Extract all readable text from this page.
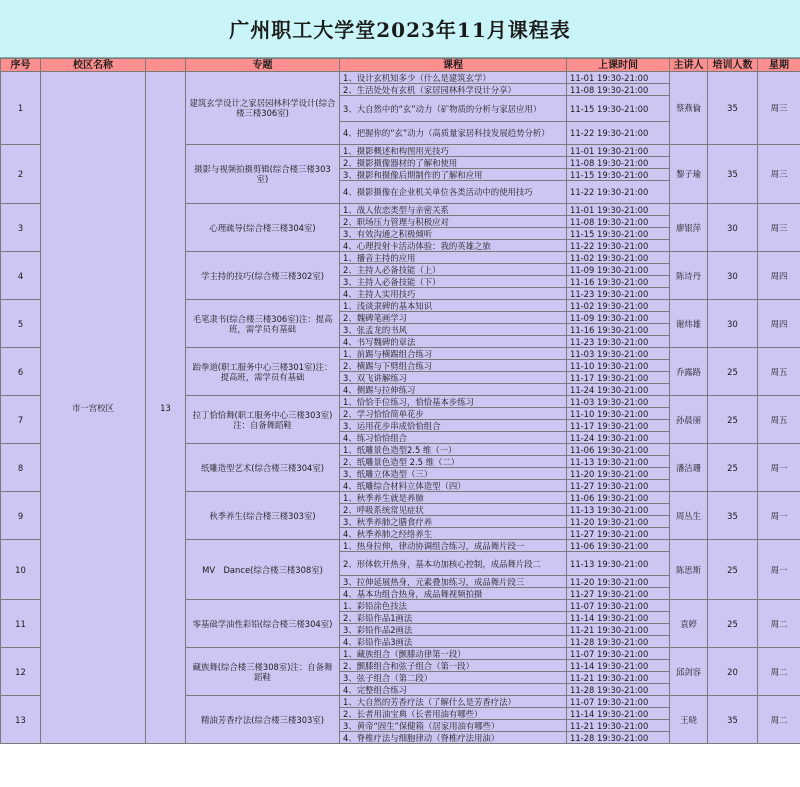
广州职工大学堂2023年11月课程表
序号	校区名称		专题	课程	上课时间	主讲人	培训人数	星期
1	市一宫校区	13	建筑玄学设计之家居园林科学设计(综合楼三楼306室)	1、设计玄机知多少（什么是建筑玄学）	11-01 19:30-21:00	蔡燕倫	35	周三
				2、生活处处有玄机（家居园林科学设计分享）	11-08 19:30-21:00			
				3、大自然中的“玄”动力（矿物质的分析与家居应用）	11-15 19:30-21:00			
				4、把握你的“玄”动力（高质量家居科技发展趋势分析）	11-22 19:30-21:00			
2			摄影与视频拍摄剪辑(综合楼三楼303室)	1、摄影概述和构图用光技巧	11-01 19:30-21:00	黎子瑜	35	周三
				2、摄影摄像器材的了解和使用	11-08 19:30-21:00			
				3、摄影和摄像后期制作的了解和应用	11-15 19:30-21:00			
				4、摄影摄像在企业机关单位各类活动中的使用技巧	11-22 19:30-21:00			
3			心理疏导(综合楼三楼304室)	1、战人依恋类型与亲密关系	11-01 19:30-21:00	廖银萍	30	周三
				2、职场压力管理与积极应对	11-08 19:30-21:00			
				3、有效沟通之积极倾听	11-15 19:30-21:00			
				4、心理投射卡活动体验：我的英雄之旅	11-22 19:30-21:00			
4			学主持的技巧(综合楼三楼302室)	1、播音主持的应用	11-02 19:30-21:00	陈诗丹	30	周四
				2、主持人必备技能（上）	11-09 19:30-21:00			
				3、主持人必备技能（下）	11-16 19:30-21:00			
				4、主持人实用技巧	11-23 19:30-21:00			
5			毛笔隶书(综合楼三楼306室)注：提高班，需学员有基础	1、浅谈隶碑的基本知识	11-02 19:30-21:00	谢炜雄	30	周四
				2、魏碑笔画学习	11-09 19:30-21:00			
				3、张孟龙的书风	11-16 19:30-21:00			
				4、书写魏碑的章法	11-23 19:30-21:00			
6			跆拳道(职工服务中心三楼301室)注：提高班，需学员有基础	1、前踢与横踢组合练习	11-03 19:30-21:00	乔露路	25	周五
				2、横踢与下劈组合练习	11-10 19:30-21:00			
				3、双飞讲解练习	11-17 19:30-21:00			
				4、侧踢与拉伸练习	11-24 19:30-21:00			
7			拉丁恰恰舞(职工服务中心三楼303室)注：自备舞蹈鞋	1、恰恰手位练习，恰恰基本步练习	11-03 19:30-21:00	孙晨丽	25	周五
				2、学习恰恰简单花步	11-10 19:30-21:00			
				3、运用花步串成恰恰组合	11-17 19:30-21:00			
				4、练习恰恰组合	11-24 19:30-21:00			
8			纸雕造型艺术(综合楼三楼304室)	1、纸雕景色造型2.5 维（一）	11-06 19:30-21:00	潘洁珊	25	周一
				2、纸雕景色造型 2.5 维（二）	11-13 19:30-21:00			
				3、纸雕立体造型（三）	11-20 19:30-21:00			
				4、纸雕综合材料立体造型（四）	11-27 19:30-21:00			
9			秋季养生(综合楼三楼303室)	1、秋季养生就是养肺	11-06 19:30-21:00	周丛生	35	周一
				2、呼吸系统常见症状	11-13 19:30-21:00			
				3、秋季养肺之膳食疗养	11-20 19:30-21:00			
				4、秋季养肺之经络养生	11-27 19:30-21:00			
10			MV　Dance(综合楼三楼308室)	1、热身拉伸，律动协调组合练习，成品舞片段一	11-06 19:30-21:00	陈思斯	25	周一
				2、形体软开热身，基本功加核心控制，成品舞片段二	11-13 19:30-21:00			
				3、拉伸延展热身，元素叠加练习，成品舞片段三	11-20 19:30-21:00			
				4、基本功组合热身，成品舞视频拍摄	11-27 19:30-21:00			
11			零基础学油性彩铅(综合楼三楼304室)	1、彩铅涂色技法	11-07 19:30-21:00	袁婷	25	周二
				2、彩铅作品1画法	11-14 19:30-21:00			
				3、彩铅作品2画法	11-21 19:30-21:00			
				4、彩铅作品3画法	11-28 19:30-21:00			
12			藏族舞(综合楼三楼308室)注：自备舞蹈鞋	1、藏族组合（颤膝动律第一段）	11-07 19:30-21:00	邱剑容	20	周二
				2、颤膝组合和弦子组合（第一段）	11-14 19:30-21:00			
				3、弦子组合（第二段）	11-21 19:30-21:00			
				4、完整组合练习	11-28 19:30-21:00			
13			精油芳香疗法(综合楼三楼303室)	1、大自然的芳香疗法（了解什么是芳香疗法）	11-07 19:30-21:00	王晓	35	周二
				2、长者用油宝典（长者用油有哪些）	11-14 19:30-21:00			
				3、黄帝“固生”保健箱（居家用油有哪些）	11-21 19:30-21:00			
				4、脊椎疗法与细胞律动（脊椎疗法用油）	11-28 19:30-21:00			
